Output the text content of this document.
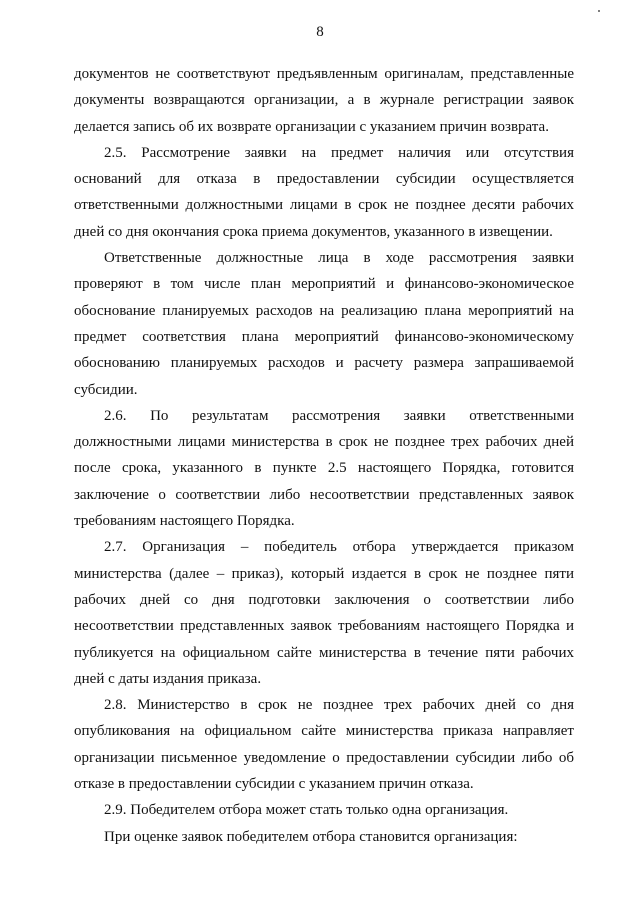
8
документов не соответствуют предъявленным оригиналам, представленные
документы возвращаются организации, а в журнале регистрации заявок
делается запись об их возврате организации с указанием причин возврата.
2.5. Рассмотрение заявки на предмет наличия или отсутствия
оснований для отказа в предоставлении субсидии осуществляется
ответственными должностными лицами в срок не позднее десяти рабочих
дней со дня окончания срока приема документов, указанного в извещении.
Ответственные должностные лица в ходе рассмотрения заявки
проверяют в том числе план мероприятий и финансово-экономическое
обоснование планируемых расходов на реализацию плана мероприятий на
предмет соответствия плана мероприятий финансово-экономическому
обоснованию планируемых расходов и расчету размера запрашиваемой
субсидии.
2.6. По результатам рассмотрения заявки ответственными
должностными лицами министерства в срок не позднее трех рабочих дней
после срока, указанного в пункте 2.5 настоящего Порядка, готовится
заключение о соответствии либо несоответствии представленных заявок
требованиям настоящего Порядка.
2.7. Организация – победитель отбора утверждается приказом
министерства (далее – приказ), который издается в срок не позднее пяти
рабочих дней со дня подготовки заключения о соответствии либо
несоответствии представленных заявок требованиям настоящего Порядка и
публикуется на официальном сайте министерства в течение пяти рабочих
дней с даты издания приказа.
2.8. Министерство в срок не позднее трех рабочих дней со дня
опубликования на официальном сайте министерства приказа направляет
организации письменное уведомление о предоставлении субсидии либо об
отказе в предоставлении субсидии с указанием причин отказа.
2.9. Победителем отбора может стать только одна организация.
При оценке заявок победителем отбора становится организация:
